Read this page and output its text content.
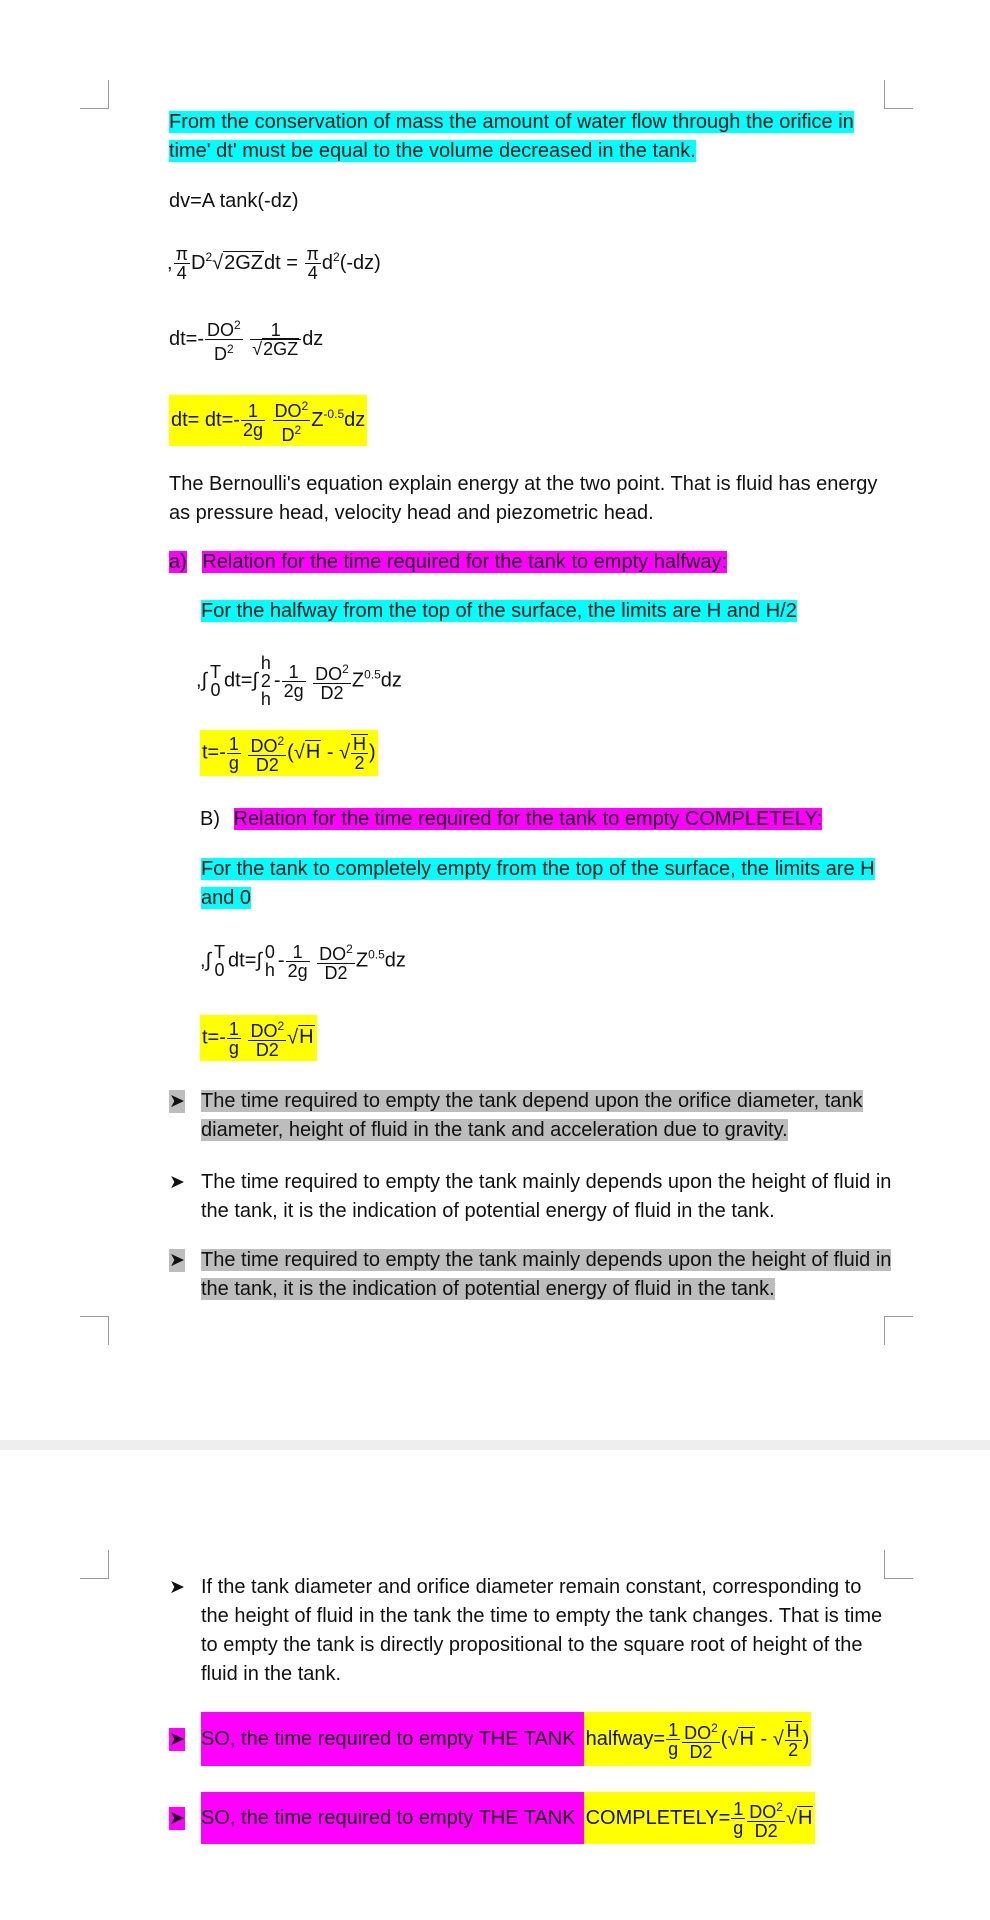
From the conservation of mass the amount of water flow through the orifice in time' dt' must be equal to the volume decreased in the tank.
dv=A tank(-dz)
, $\frac{\pi}{4}$ $D^2√2GZdt = \frac{\pi}{4} d^2(-dz)$
$dt=- \frac{DO^2}{D^2}$
$\frac{1}{√2GZ}$ dz
$dt= dt=- \frac{1}{2g}$
$\frac{DO^2}{D^2} Z^{-0.5}dz$
The Bernoulli's equation explain energy at the two point. That is fluid has energy as pressure head, velocity head and piezometric head.
a) Relation for the time required for the tank to empty halfway:
For the halfway from the top of the surface, the limits are H and H/2
,∫ T
0 dt=∫
h
2
h
- $\frac{1}{2g}$
$\frac{DO^2}{D2} Z^{0.5}dz$
$t=- \frac{1}{g}$
$\frac{DO^2}{D2} (√H$ - √ $\frac{H}{2}$ )
B) Relation for the time required for the tank to empty COMPLETELY:
For the tank to completely empty from the top of the surface, the limits are H and 0
,∫ T
0 dt=∫ 0
h - $\frac{1}{2g}$
$\frac{DO^2}{D2} Z^{0.5}dz$
$t=- \frac{1}{g}$
$\frac{DO^2}{D2} √H$
➤ The time required to empty the tank depend upon the orifice diameter, tank diameter, height of fluid in the tank and acceleration due to gravity.
➤ The time required to empty the tank mainly depends upon the height of fluid in the tank, it is the indication of potential energy of fluid in the tank.
➤ The time required to empty the tank mainly depends upon the height of fluid in the tank, it is the indication of potential energy of fluid in the tank.
➤ If the tank diameter and orifice diameter remain constant, corresponding to the height of fluid in the tank the time to empty the tank changes. That is time to empty the tank is directly propositional to the square root of height of the fluid in the tank.
➤ SO, the time required to empty THE TANK halfway= $\frac{1}{g} \frac{DO^2}{D2} (√H$ - √ $\frac{H}{2}$ )
➤ SO, the time required to empty THE TANK COMPLETELY= $\frac{1}{g} \frac{DO^2}{D2} √H$
